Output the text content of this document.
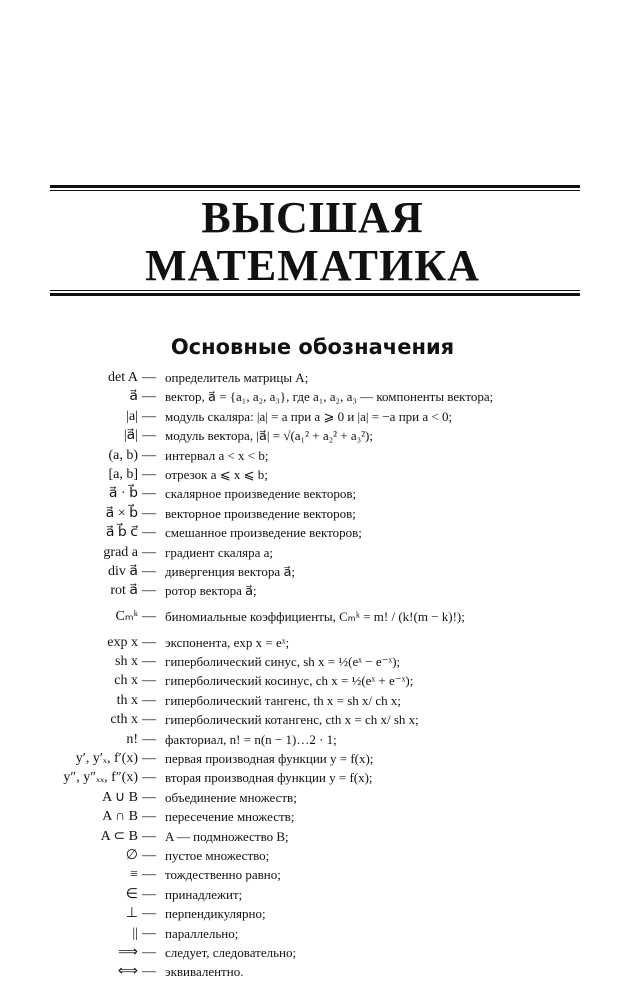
ВЫСШАЯ
МАТЕМАТИКА
Основные обозначения
det A — определитель матрицы A;
a⃗ — вектор, a⃗ = {a₁, a₂, a₃}, где a₁, a₂, a₃ — компоненты вектора;
|a| — модуль скаляра: |a| = a при a ⩾ 0 и |a| = −a при a < 0;
|a⃗| — модуль вектора, |a⃗| = √(a₁² + a₂² + a₃²);
(a, b) — интервал a < x < b;
[a, b] — отрезок a ⩽ x ⩽ b;
a⃗ · b⃗ — скалярное произведение векторов;
a⃗ × b⃗ — векторное произведение векторов;
a⃗ b⃗ c⃗ — смешанное произведение векторов;
grad a — градиент скаляра a;
div a⃗ — дивергенция вектора a⃗;
rot a⃗ — ротор вектора a⃗;
Cₘᵏ — биномиальные коэффициенты, Cₘᵏ = m! / (k!(m − k)!);
exp x — экспонента, exp x = eˣ;
sh x — гиперболический синус, sh x = ½(eˣ − e⁻ˣ);
ch x — гиперболический косинус, ch x = ½(eˣ + e⁻ˣ);
th x — гиперболический тангенс, th x = sh x/ ch x;
cth x — гиперболический котангенс, cth x = ch x/ sh x;
n! — факториал, n! = n(n − 1)…2 · 1;
y′, y′ₓ, f′(x) — первая производная функции y = f(x);
y″, y″ₓₓ, f″(x) — вторая производная функции y = f(x);
A ∪ B — объединение множеств;
A ∩ B — пересечение множеств;
A ⊂ B — A — подмножество B;
∅ — пустое множество;
≡ — тождественно равно;
∈ — принадлежит;
⊥ — перпендикулярно;
|| — параллельно;
⟹ — следует, следовательно;
⟺ — эквивалентно.
